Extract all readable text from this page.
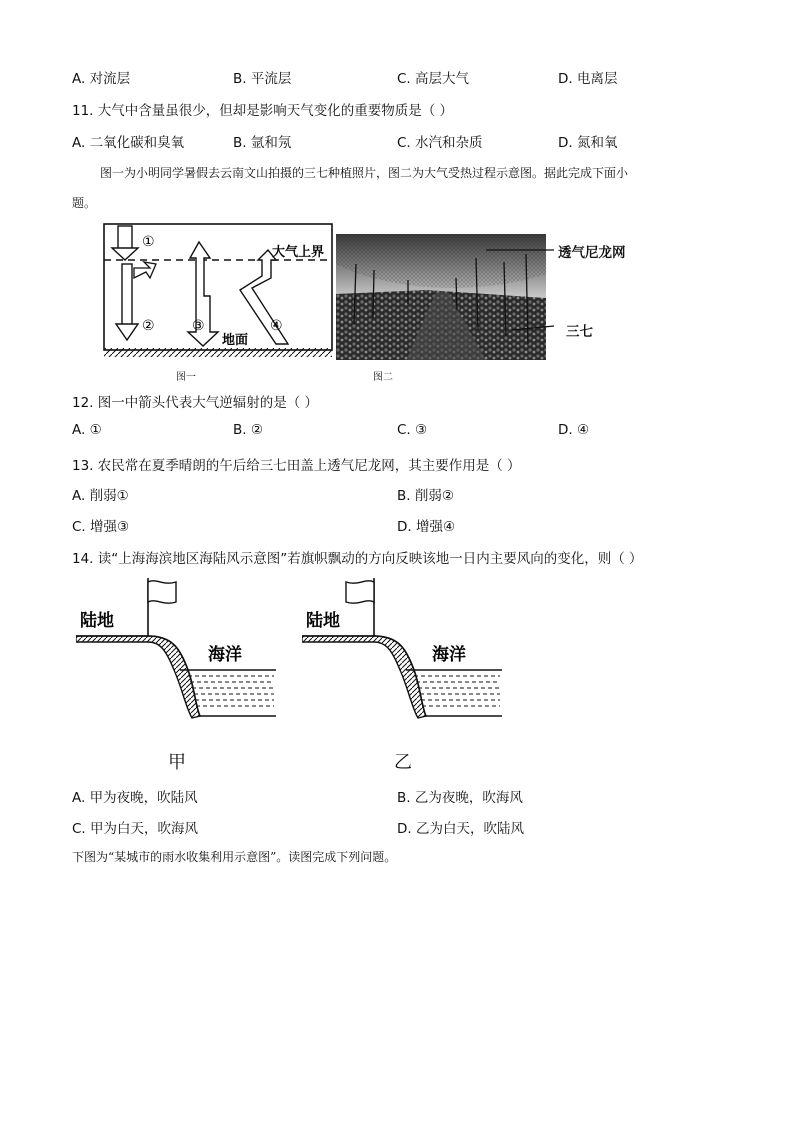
A. 对流层	B. 平流层	C. 高层大气	D. 电离层
11. 大气中含量虽很少，但却是影响天气变化的重要物质是（ ）
A. 二氧化碳和臭氧	B. 氩和氖	C. 水汽和杂质	D. 氮和氧
图一为小明同学暑假去云南文山拍摄的三七种植照片，图二为大气受热过程示意图。据此完成下面小
题。
①
②	③	④
大气上界
地面
图一
透气尼龙网
三七
图二
12. 图一中箭头代表大气逆辐射的是（ ）
A. ①	B. ②	C. ③	D. ④
13. 农民常在夏季晴朗的午后给三七田盖上透气尼龙网，其主要作用是（ ）
A. 削弱①	B. 削弱②
C. 增强③	D. 增强④
14. 读“上海海滨地区海陆风示意图”若旗帜飘动的方向反映该地一日内主要风向的变化，则（ ）
陆地
海洋
甲
陆地
海洋
乙
A. 甲为夜晚，吹陆风	B. 乙为夜晚，吹海风
C. 甲为白天，吹海风	D. 乙为白天，吹陆风
下图为“某城市的雨水收集利用示意图”。读图完成下列问题。
